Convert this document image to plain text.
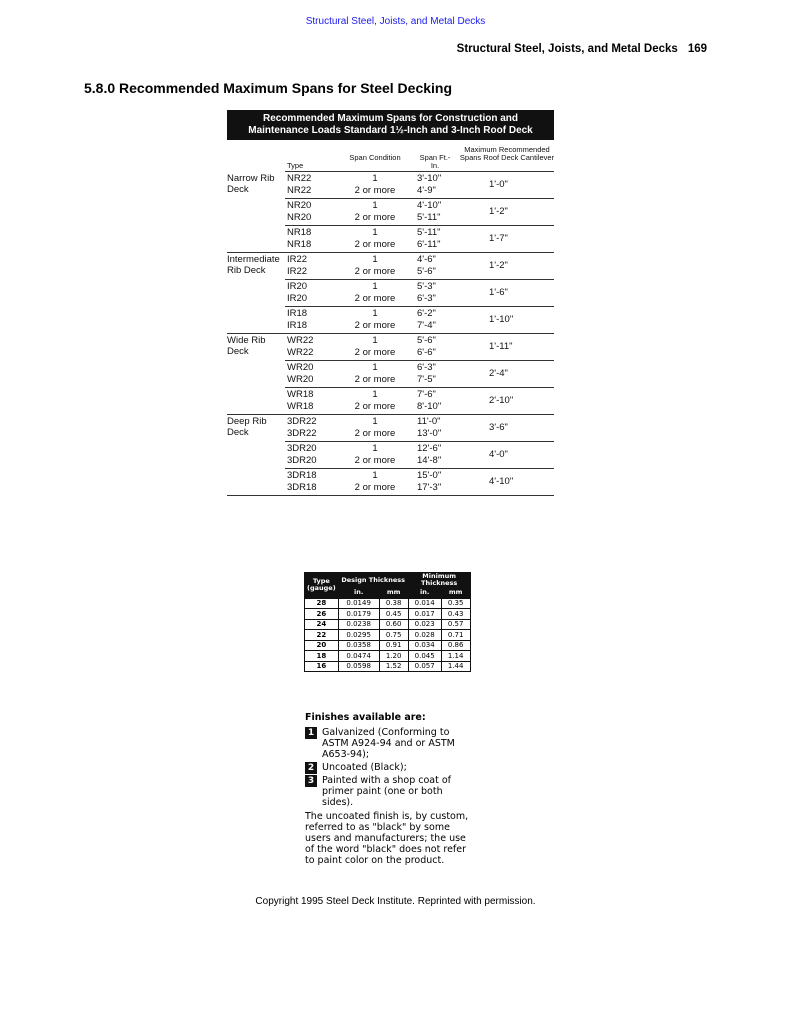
Structural Steel, Joists, and Metal Decks
Structural Steel, Joists, and Metal Decks 169
5.8.0 Recommended Maximum Spans for Steel Decking
Recommended Maximum Spans for Construction and
Maintenance Loads Standard 1½-Inch and 3-Inch Roof Deck
Type
Span Condition	Span Ft.-In.
Maximum Recommended Spans Roof Deck Cantilever
Narrow Rib Deck
NR22	1	3'-10"
NR22	2 or more	4'-9"
1'-0"
NR20	1	4'-10"
NR20	2 or more	5'-11"
1'-2"
NR18	1	5'-11"
NR18	2 or more	6'-11"
1'-7"
Intermediate Rib Deck
IR22	1	4'-6"
IR22	2 or more	5'-6"
1'-2"
IR20	1	5'-3"
IR20	2 or more	6'-3"
1'-6"
IR18	1	6'-2"
IR18	2 or more	7'-4"
1'-10"
Wide Rib Deck
WR22	1	5'-6"
WR22	2 or more	6'-6"
1'-11"
WR20	1	6'-3"
WR20	2 or more	7'-5"
2'-4"
WR18	1	7'-6"
WR18	2 or more	8'-10"
2'-10"
Deep Rib Deck
3DR22	1	11'-0"
3DR22	2 or more	13'-0"
3'-6"
3DR20	1	12'-6"
3DR20	2 or more	14'-8"
4'-0"
3DR18	1	15'-0"
3DR18	2 or more	17'-3"
4'-10"
Type (gauge)	Design Thickness		Minimum Thickness	
	in.	mm	in.	mm
28	0.0149	0.38	0.014	0.35
26	0.0179	0.45	0.017	0.43
24	0.0238	0.60	0.023	0.57
22	0.0295	0.75	0.028	0.71
20	0.0358	0.91	0.034	0.86
18	0.0474	1.20	0.045	1.14
16	0.0598	1.52	0.057	1.44
Finishes available are:
1 Galvanized (Conforming to ASTM A924-94 and or ASTM A653-94);
2 Uncoated (Black);
3 Painted with a shop coat of primer paint (one or both sides).
The uncoated finish is, by custom, referred to as "black" by some users and manufacturers; the use of the word "black" does not refer to paint color on the product.
Copyright 1995 Steel Deck Institute. Reprinted with permission.
